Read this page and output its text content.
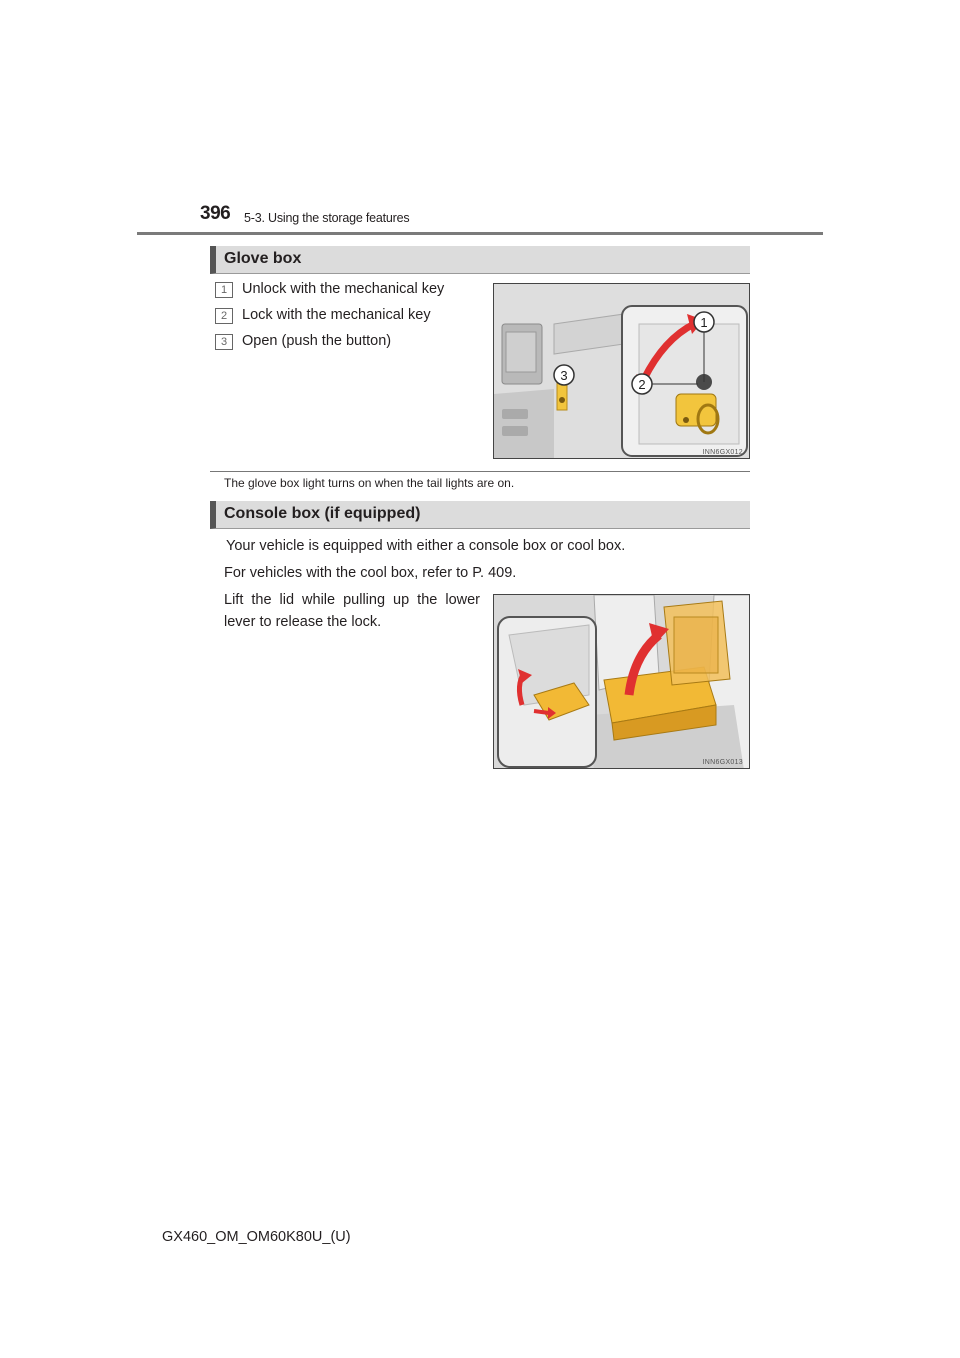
396 5-3. Using the storage features
Glove box
1	Unlock with the mechanical key
2	Lock with the mechanical key
3	Open (push the button)
1
2
3
INN6GX012
The glove box light turns on when the tail lights are on.
Console box (if equipped)
Your vehicle is equipped with either a console box or cool box.
For vehicles with the cool box, refer to P. 409.
Lift the lid while pulling up the lower
lever to release the lock.
INN6GX013
GX460_OM_OM60K80U_(U)
